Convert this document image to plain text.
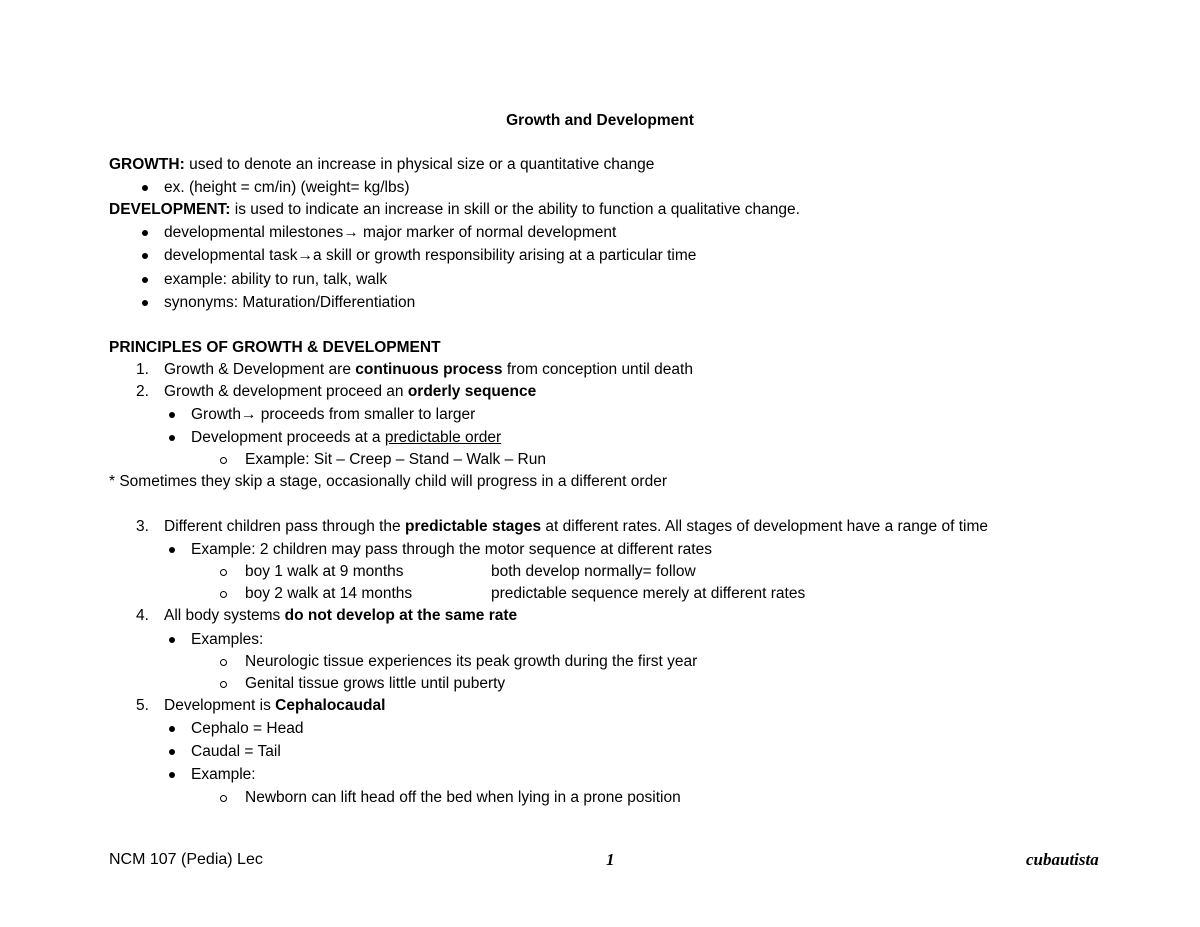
Growth and Development
GROWTH: used to denote an increase in physical size or a quantitative change
ex. (height = cm/in) (weight= kg/lbs)
DEVELOPMENT: is used to indicate an increase in skill or the ability to function a qualitative change.
developmental milestones→ major marker of normal development
developmental task→a skill or growth responsibility arising at a particular time
example: ability to run, talk, walk
synonyms: Maturation/Differentiation
PRINCIPLES OF GROWTH & DEVELOPMENT
1. Growth & Development are continuous process from conception until death
2. Growth & development proceed an orderly sequence
Growth→ proceeds from smaller to larger
Development proceeds at a predictable order
Example: Sit – Creep – Stand – Walk – Run
* Sometimes they skip a stage, occasionally child will progress in a different order
3. Different children pass through the predictable stages at different rates. All stages of development have a range of time
Example: 2 children may pass through the motor sequence at different rates
boy 1 walk at 9 months	both develop normally= follow
boy 2 walk at 14 months	predictable sequence merely at different rates
4. All body systems do not develop at the same rate
Examples:
Neurologic tissue experiences its peak growth during the first year
Genital tissue grows little until puberty
5. Development is Cephalocaudal
Cephalo = Head
Caudal = Tail
Example:
Newborn can lift head off the bed when lying in a prone position
NCM 107 (Pedia) Lec	1	cubautista
